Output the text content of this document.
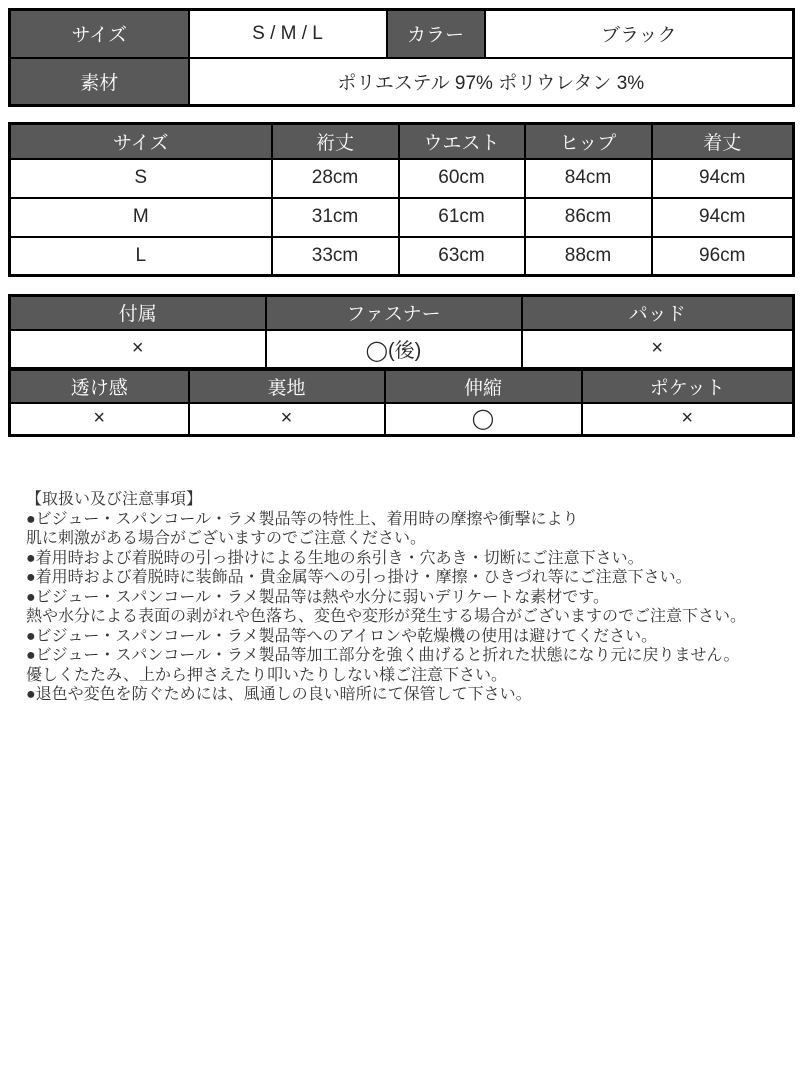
サイズ	S / M / L	カラー	ブラック
素材	ポリエステル 97% ポリウレタン 3%		
サイズ	裄丈	ウエスト	ヒップ	着丈
S	28cm	60cm	84cm	94cm
M	31cm	61cm	86cm	94cm
L	33cm	63cm	88cm	96cm
付属	ファスナー	パッド
×	◯(後)	×
透け感	裏地	伸縮	ポケット
×	×	◯	×
【取扱い及び注意事項】
●ビジュー・スパンコール・ラメ製品等の特性上、着用時の摩擦や衝撃により
肌に刺激がある場合がございますのでご注意ください。
●着用時および着脱時の引っ掛けによる生地の糸引き・穴あき・切断にご注意下さい。
●着用時および着脱時に装飾品・貴金属等への引っ掛け・摩擦・ひきづれ等にご注意下さい。
●ビジュー・スパンコール・ラメ製品等は熱や水分に弱いデリケートな素材です。
熱や水分による表面の剥がれや色落ち、変色や変形が発生する場合がございますのでご注意下さい。
●ビジュー・スパンコール・ラメ製品等へのアイロンや乾燥機の使用は避けてください。
●ビジュー・スパンコール・ラメ製品等加工部分を強く曲げると折れた状態になり元に戻りません。
優しくたたみ、上から押さえたり叩いたりしない様ご注意下さい。
●退色や変色を防ぐためには、風通しの良い暗所にて保管して下さい。
